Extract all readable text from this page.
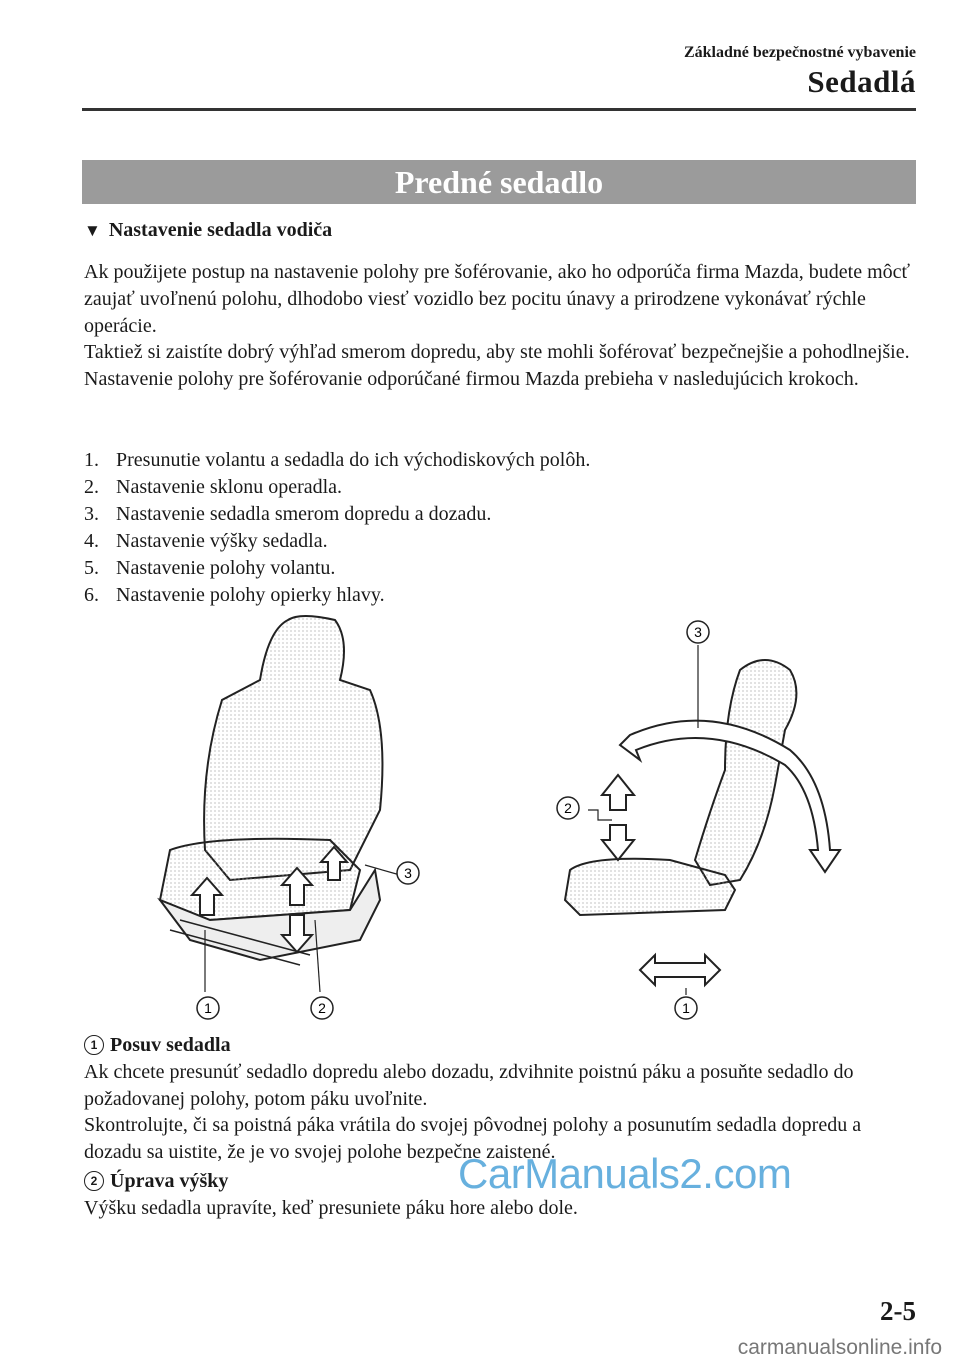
Základné bezpečnostné vybavenie
Sedadlá
Predné sedadlo
▼ Nastavenie sedadla vodiča

Ak použijete postup na nastavenie polohy pre šoférovanie, ako ho odporúča firma Mazda, budete môcť zaujať uvoľnenú polohu, dlhodobo viesť vozidlo bez pocitu únavy a prirodzene vykonávať rýchle operácie.

Taktiež si zaistíte dobrý výhľad smerom dopredu, aby ste mohli šoférovať bezpečnejšie a pohodlnejšie.

Nastavenie polohy pre šoférovanie odporúčané firmou Mazda prebieha v nasledujúcich krokoch.

1. Presunutie volantu a sedadla do ich východiskových polôh.
2. Nastavenie sklonu operadla.
3. Nastavenie sedadla smerom dopredu a dozadu.
4. Nastavenie výšky sedadla.
5. Nastavenie polohy volantu.
6. Nastavenie polohy opierky hlavy.
1	2
3
3
2
1
1 Posuv sedadla

Ak chcete presunúť sedadlo dopredu alebo dozadu, zdvihnite poistnú páku a posuňte sedadlo do požadovanej polohy, potom páku uvoľnite.

Skontrolujte, či sa poistná páka vrátila do svojej pôvodnej polohy a posunutím sedadla dopredu a dozadu sa uistite, že je vo svojej polohe bezpečne zaistené.

2 Úprava výšky

Výšku sedadla upravíte, keď presuniete páku hore alebo dole.

CarManuals2.com
2-5
carmanualsonline.info
